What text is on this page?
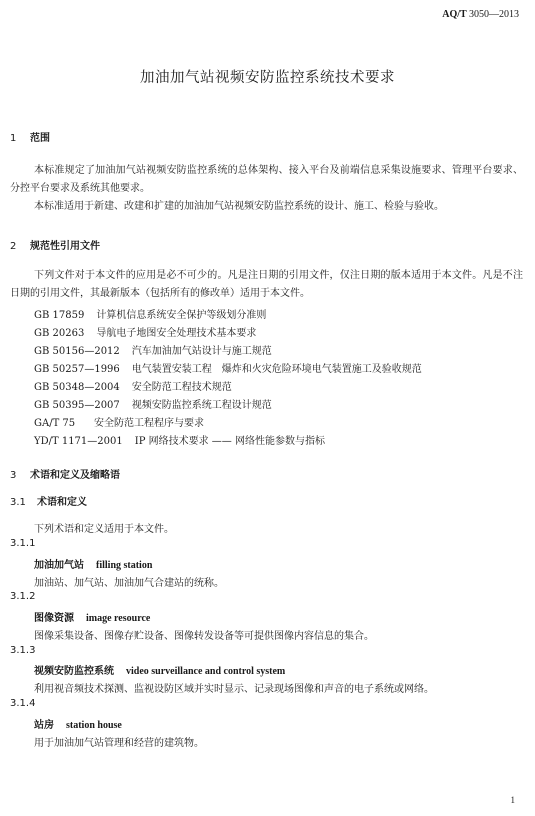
AQ/T 3050—2013
加油加气站视频安防监控系统技术要求
1 范围
本标准规定了加油加气站视频安防监控系统的总体架构、接入平台及前端信息采集设施要求、管理平台要求、分控平台要求及系统其他要求。
本标准适用于新建、改建和扩建的加油加气站视频安防监控系统的设计、施工、检验与验收。
2 规范性引用文件
下列文件对于本文件的应用是必不可少的。凡是注日期的引用文件，仅注日期的版本适用于本文件。凡是不注日期的引用文件，其最新版本（包括所有的修改单）适用于本文件。
GB 17859 计算机信息系统安全保护等级划分准则
GB 20263 导航电子地图安全处理技术基本要求
GB 50156—2012 汽车加油加气站设计与施工规范
GB 50257—1996 电气装置安装工程　爆炸和火灾危险环境电气装置施工及验收规范
GB 50348—2004 安全防范工程技术规范
GB 50395—2007 视频安防监控系统工程设计规范
GA/T 75 安全防范工程程序与要求
YD/T 1171—2001 IP 网络技术要求 —— 网络性能参数与指标
3 术语和定义及缩略语
3.1 术语和定义
下列术语和定义适用于本文件。
3.1.1
加油加气站 filling station
加油站、加气站、加油加气合建站的统称。
3.1.2
图像资源 image resource
图像采集设备、图像存贮设备、图像转发设备等可提供图像内容信息的集合。
3.1.3
视频安防监控系统 video surveillance and control system
利用视音频技术探测、监视设防区域并实时显示、记录现场图像和声音的电子系统或网络。
3.1.4
站房 station house
用于加油加气站管理和经营的建筑物。
1
